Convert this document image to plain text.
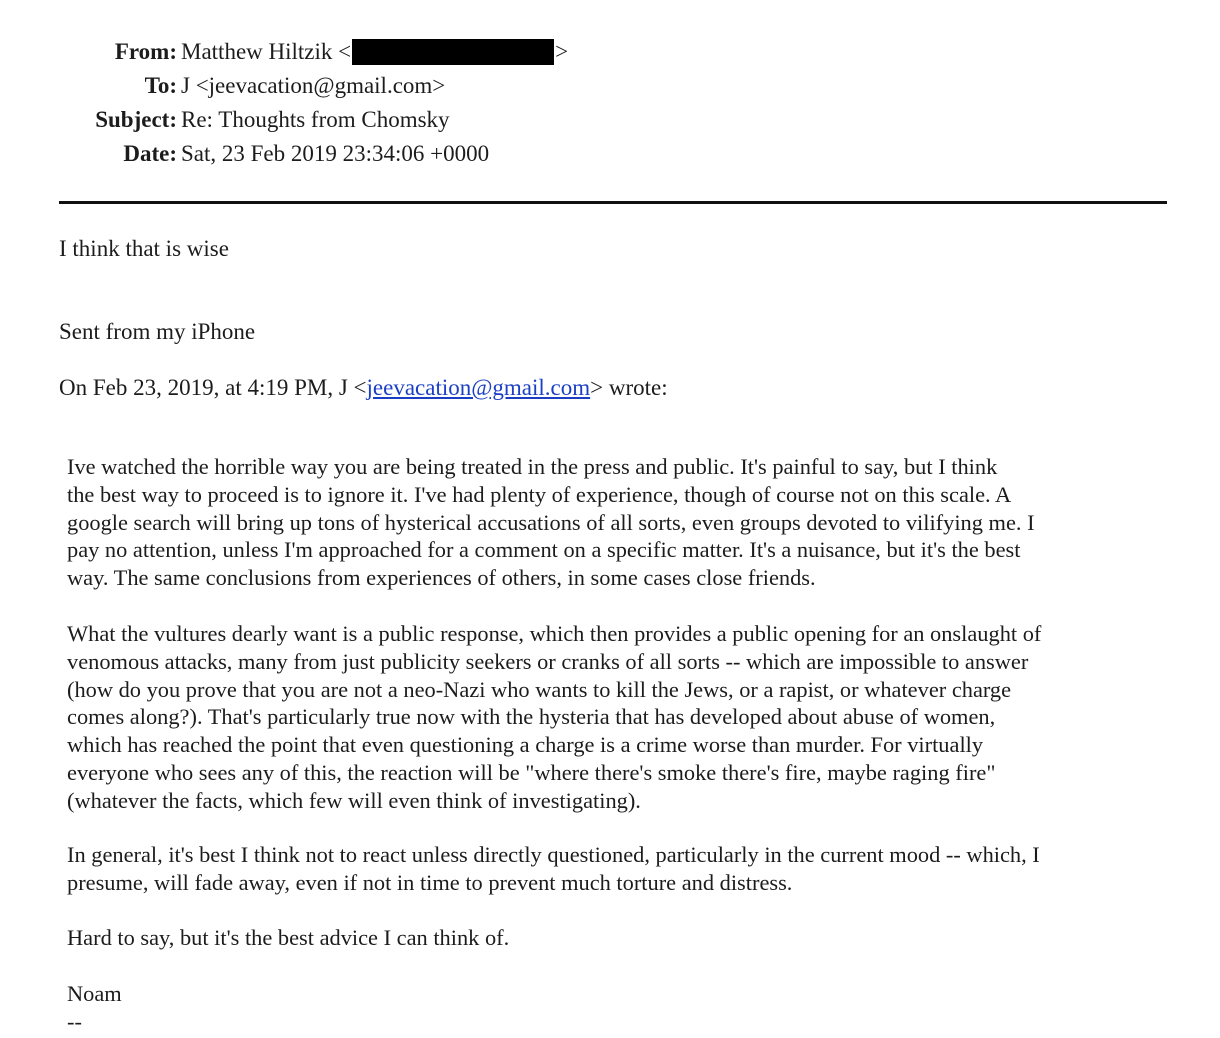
From: Matthew Hiltzik <	>
To: J <jeevacation@gmail.com>
Subject: Re: Thoughts from Chomsky
Date: Sat, 23 Feb 2019 23:34:06 +0000
I think that is wise
Sent from my iPhone
On Feb 23, 2019, at 4:19 PM, J <jeevacation@gmail.com> wrote:
Ive watched the horrible way you are being treated in the press and public. It's painful to say, but I think
the best way to proceed is to ignore it. I've had plenty of experience, though of course not on this scale. A
google search will bring up tons of hysterical accusations of all sorts, even groups devoted to vilifying me. I
pay no attention, unless I'm approached for a comment on a specific matter. It's a nuisance, but it's the best
way. The same conclusions from experiences of others, in some cases close friends.
What the vultures dearly want is a public response, which then provides a public opening for an onslaught of
venomous attacks, many from just publicity seekers or cranks of all sorts -- which are impossible to answer
(how do you prove that you are not a neo-Nazi who wants to kill the Jews, or a rapist, or whatever charge
comes along?). That's particularly true now with the hysteria that has developed about abuse of women,
which has reached the point that even questioning a charge is a crime worse than murder. For virtually
everyone who sees any of this, the reaction will be "where there's smoke there's fire, maybe raging fire"
(whatever the facts, which few will even think of investigating).
In general, it's best I think not to react unless directly questioned, particularly in the current mood -- which, I
presume, will fade away, even if not in time to prevent much torture and distress.
Hard to say, but it's the best advice I can think of.
Noam
--
